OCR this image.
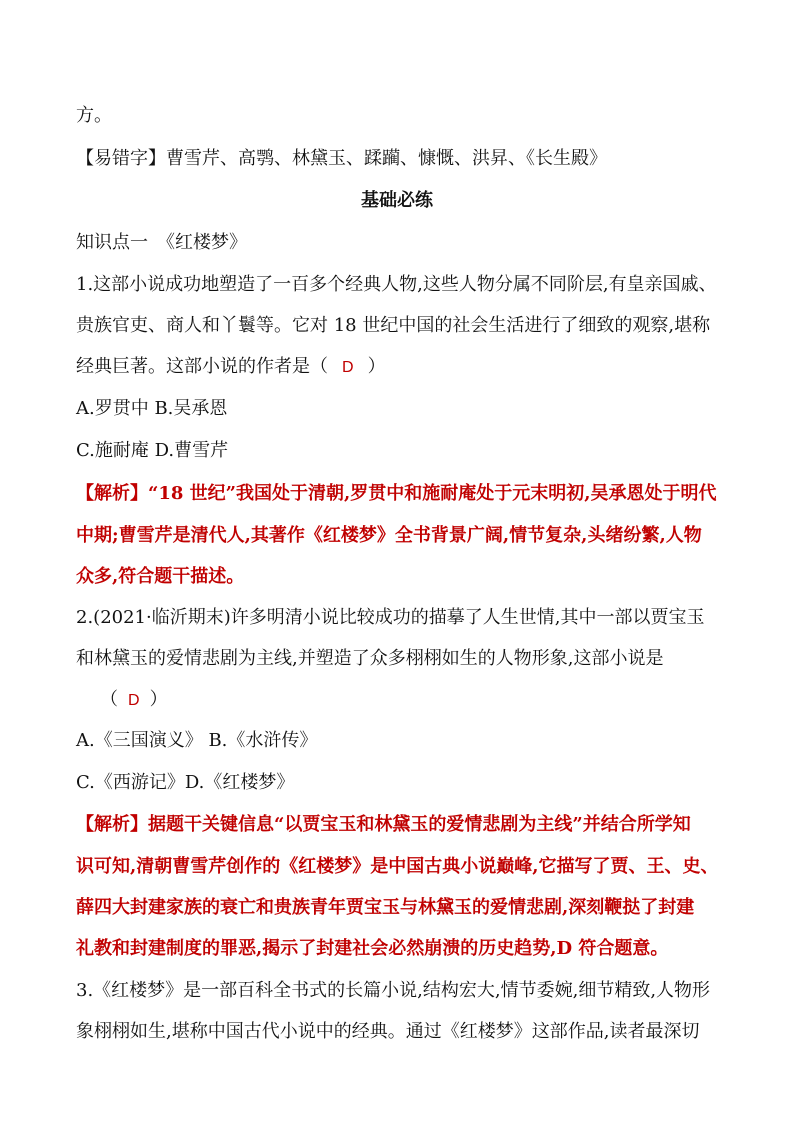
方。
【易错字】曹雪芹、高鹗、林黛玉、蹂躏、慷慨、洪昇、《长生殿》
基础必练
知识点一　《红楼梦》
1.这部小说成功地塑造了一百多个经典人物,这些人物分属不同阶层,有皇亲国戚、
贵族官吏、商人和丫鬟等。它对 18 世纪中国的社会生活进行了细致的观察,堪称
经典巨著。这部小说的作者是（ D ）
A.罗贯中 B.吴承恩
C.施耐庵 D.曹雪芹
【解析】“18 世纪”我国处于清朝,罗贯中和施耐庵处于元末明初,吴承恩处于明代
中期;曹雪芹是清代人,其著作《红楼梦》全书背景广阔,情节复杂,头绪纷繁,人物
众多,符合题干描述。
2.(2021·临沂期末)许多明清小说比较成功的描摹了人生世情,其中一部以贾宝玉
和林黛玉的爱情悲剧为主线,并塑造了众多栩栩如生的人物形象,这部小说是
（ D ）
A.《三国演义》 B.《水浒传》
C.《西游记》D.《红楼梦》
【解析】据题干关键信息“以贾宝玉和林黛玉的爱情悲剧为主线”并结合所学知
识可知,清朝曹雪芹创作的《红楼梦》是中国古典小说巅峰,它描写了贾、王、史、
薛四大封建家族的衰亡和贵族青年贾宝玉与林黛玉的爱情悲剧,深刻鞭挞了封建
礼教和封建制度的罪恶,揭示了封建社会必然崩溃的历史趋势,D 符合题意。
3.《红楼梦》是一部百科全书式的长篇小说,结构宏大,情节委婉,细节精致,人物形
象栩栩如生,堪称中国古代小说中的经典。通过《红楼梦》这部作品,读者最深切
